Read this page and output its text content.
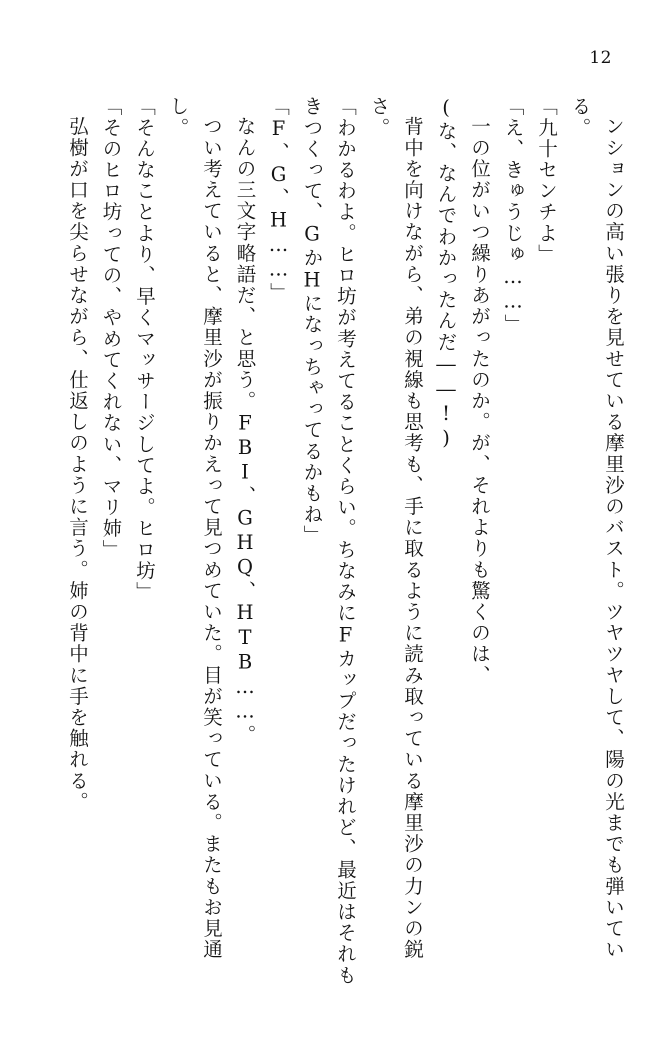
12

ンションの高い張りを見せている摩里沙のバスト。ツヤツヤして、陽の光までも弾いている。

「九十センチよ」

「え、きゅうじゅ……」

一の位がいつ繰りあがったのか。が、それよりも驚くのは、

(な、なんでわかったんだ――!)

背中を向けながら、弟の視線も思考も、手に取るように読み取っている摩里沙の力ンの鋭さ。

「わかるわよ。ヒロ坊が考えてることくらい。ちなみにFカップだったけれど、最近はそれもきつくって、GかHになっちゃってるかもね」

「F、G、H……」

なんの三文字略語だ、と思う。FBI、GHQ、HTB……。

つい考えていると、摩里沙が振りかえって見つめていた。目が笑っている。またもお見通し。

「そんなことより、早くマッサージしてよ。ヒロ坊」

「そのヒロ坊っての、やめてくれない、マリ姉」

弘樹が口を尖らせながら、仕返しのように言う。姉の背中に手を触れる。
